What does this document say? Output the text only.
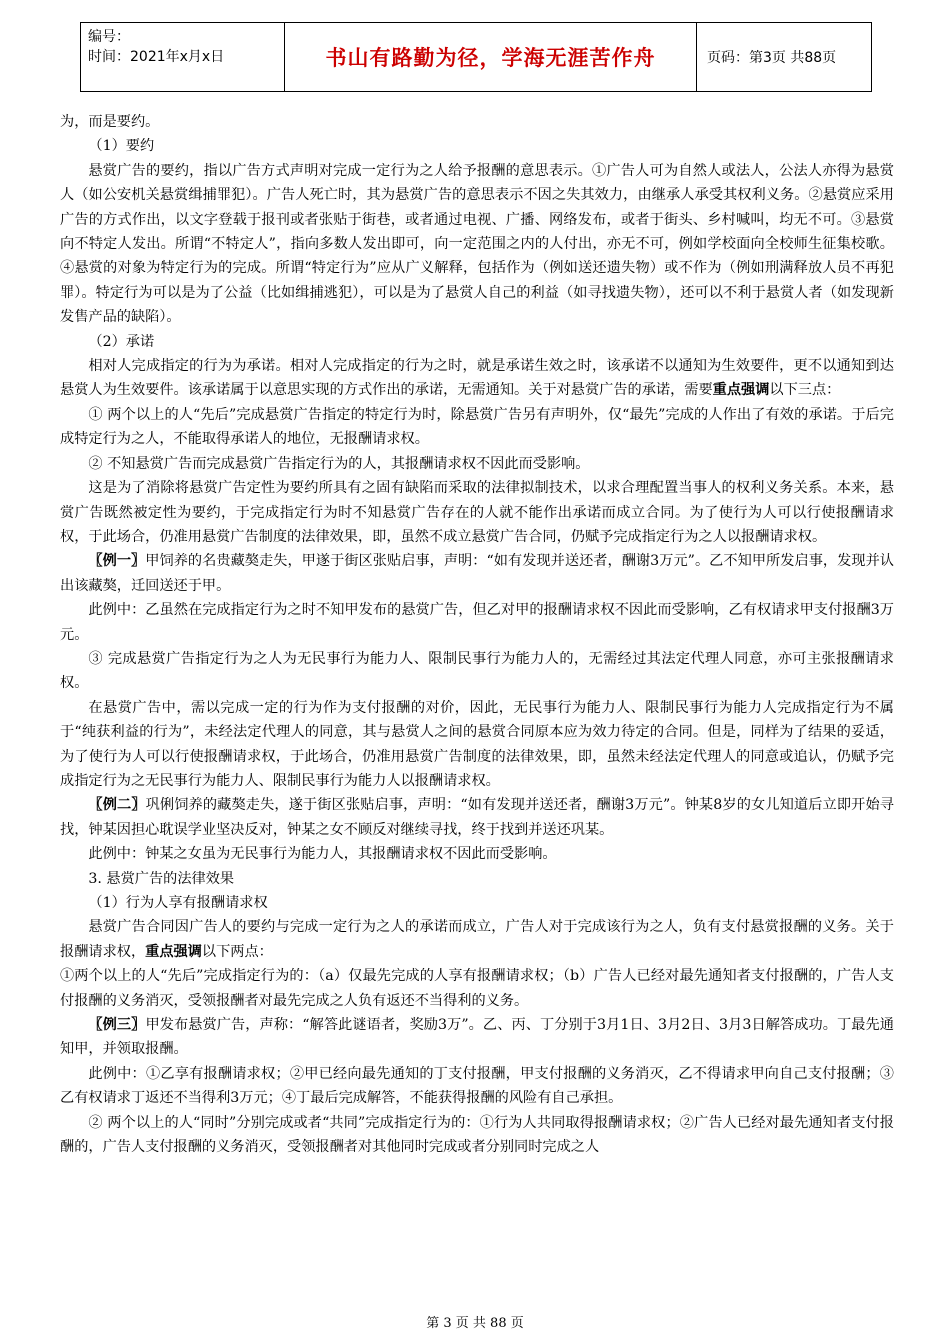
编号：
时间：2021年x月x日	书山有路勤为径，学海无涯苦作舟	页码：第3页 共88页

为，而是要约。

（1）要约

悬赏广告的要约，指以广告方式声明对完成一定行为之人给予报酬的意思表示。①广告人可为自然人或法人，公法人亦得为悬赏人（如公安机关悬赏缉捕罪犯）。广告人死亡时，其为悬赏广告的意思表示不因之失其效力，由继承人承受其权利义务。②悬赏应采用广告的方式作出，以文字登载于报刊或者张贴于街巷，或者通过电视、广播、网络发布，或者于街头、乡村喊叫，均无不可。③悬赏向不特定人发出。所谓“不特定人”，指向多数人发出即可，向一定范围之内的人付出，亦无不可，例如学校面向全校师生征集校歌。④悬赏的对象为特定行为的完成。所谓“特定行为”应从广义解释，包括作为（例如送还遗失物）或不作为（例如刑满释放人员不再犯罪）。特定行为可以是为了公益（比如缉捕逃犯），可以是为了悬赏人自己的利益（如寻找遗失物），还可以不利于悬赏人者（如发现新发售产品的缺陷）。

（2）承诺

相对人完成指定的行为为承诺。相对人完成指定的行为之时，就是承诺生效之时，该承诺不以通知为生效要件，更不以通知到达悬赏人为生效要件。该承诺属于以意思实现的方式作出的承诺，无需通知。关于对悬赏广告的承诺，需要重点强调以下三点：

① 两个以上的人“先后”完成悬赏广告指定的特定行为时，除悬赏广告另有声明外，仅“最先”完成的人作出了有效的承诺。于后完成特定行为之人，不能取得承诺人的地位，无报酬请求权。

② 不知悬赏广告而完成悬赏广告指定行为的人，其报酬请求权不因此而受影响。

这是为了消除将悬赏广告定性为要约所具有之固有缺陷而采取的法律拟制技术，以求合理配置当事人的权利义务关系。本来，悬赏广告既然被定性为要约，于完成指定行为时不知悬赏广告存在的人就不能作出承诺而成立合同。为了使行为人可以行使报酬请求权，于此场合，仍准用悬赏广告制度的法律效果，即，虽然不成立悬赏广告合同，仍赋予完成指定行为之人以报酬请求权。

〖例一〗甲饲养的名贵藏獒走失，甲遂于街区张贴启事，声明：“如有发现并送还者，酬谢3万元”。乙不知甲所发启事，发现并认出该藏獒，迁回送还于甲。

此例中：乙虽然在完成指定行为之时不知甲发布的悬赏广告，但乙对甲的报酬请求权不因此而受影响，乙有权请求甲支付报酬3万元。

③ 完成悬赏广告指定行为之人为无民事行为能力人、限制民事行为能力人的，无需经过其法定代理人同意，亦可主张报酬请求权。

在悬赏广告中，需以完成一定的行为作为支付报酬的对价，因此，无民事行为能力人、限制民事行为能力人完成指定行为不属于“纯获利益的行为”，未经法定代理人的同意，其与悬赏人之间的悬赏合同原本应为效力待定的合同。但是，同样为了结果的妥适，为了使行为人可以行使报酬请求权，于此场合，仍准用悬赏广告制度的法律效果，即，虽然未经法定代理人的同意或追认，仍赋予完成指定行为之无民事行为能力人、限制民事行为能力人以报酬请求权。

〖例二〗巩俐饲养的藏獒走失，遂于街区张贴启事，声明：“如有发现并送还者，酬谢3万元”。钟某8岁的女儿知道后立即开始寻找，钟某因担心耽误学业坚决反对，钟某之女不顾反对继续寻找，终于找到并送还巩某。

此例中：钟某之女虽为无民事行为能力人，其报酬请求权不因此而受影响。

3. 悬赏广告的法律效果

（1）行为人享有报酬请求权

悬赏广告合同因广告人的要约与完成一定行为之人的承诺而成立，广告人对于完成该行为之人，负有支付悬赏报酬的义务。关于报酬请求权，重点强调以下两点：

①两个以上的人“先后”完成指定行为的：（a）仅最先完成的人享有报酬请求权；（b）广告人已经对最先通知者支付报酬的，广告人支付报酬的义务消灭，受领报酬者对最先完成之人负有返还不当得利的义务。

〖例三〗甲发布悬赏广告，声称：“解答此谜语者，奖励3万”。乙、丙、丁分别于3月1日、3月2日、3月3日解答成功。丁最先通知甲，并领取报酬。

此例中：①乙享有报酬请求权；②甲已经向最先通知的丁支付报酬，甲支付报酬的义务消灭，乙不得请求甲向自己支付报酬；③乙有权请求丁返还不当得利3万元；④丁最后完成解答，不能获得报酬的风险有自己承担。

② 两个以上的人“同时”分别完成或者“共同”完成指定行为的：①行为人共同取得报酬请求权；②广告人已经对最先通知者支付报酬的，广告人支付报酬的义务消灭，受领报酬者对其他同时完成或者分别同时完成之人

第 3 页 共 88 页
